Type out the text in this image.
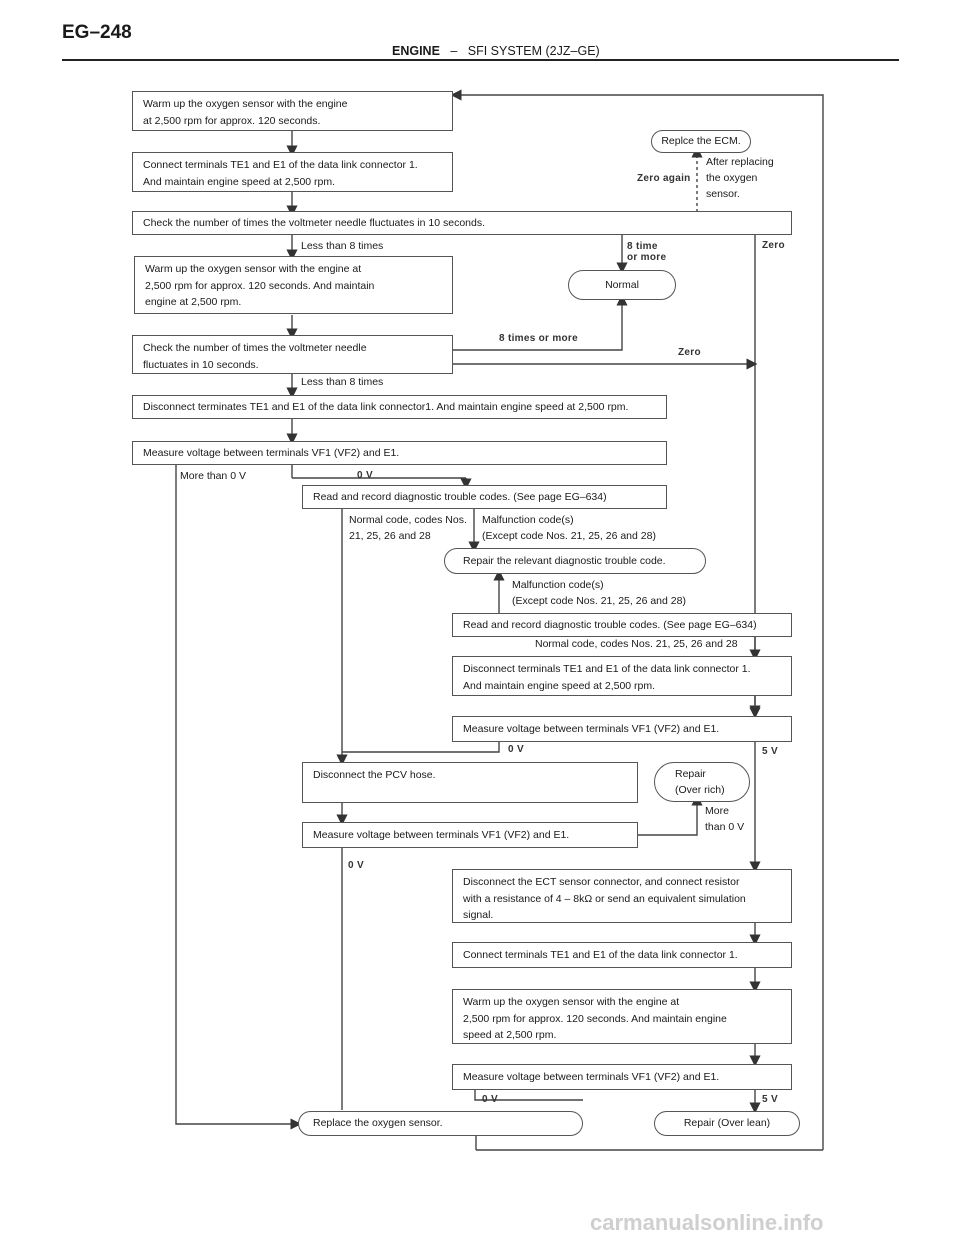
EG–248
ENGINE – SFI SYSTEM (2JZ–GE)
Warm up the oxygen sensor with the engine
at 2,500 rpm for approx. 120 seconds.
Replce the ECM.
After replacing
the oxygen
sensor.
Connect terminals TE1 and E1 of the data link connector 1.
And maintain engine speed at 2,500 rpm.	Zero again
Check the number of times the voltmeter needle fluctuates in 10 seconds.
Less than 8 times	8 time
or more
Zero
Warm up the oxygen sensor with the engine at
2,500 rpm for approx. 120 seconds. And maintain
engine at 2,500 rpm.
Normal
Check the number of times the voltmeter needle
fluctuates in 10 seconds.
8 times or more
Zero
Less than 8 times
Disconnect terminates TE1 and E1 of the data link connector1. And maintain engine speed at 2,500 rpm.
Measure voltage between terminals VF1 (VF2) and E1.
More than 0 V	0 V
Read and record diagnostic trouble codes. (See page EG–634)
Normal code, codes Nos.
21, 25, 26 and 28
Malfunction code(s)
(Except code Nos. 21, 25, 26 and 28)
Repair the relevant diagnostic trouble code.
Malfunction code(s)
(Except code Nos. 21, 25, 26 and 28)
Read and record diagnostic trouble codes. (See page EG–634)
Normal code, codes Nos. 21, 25, 26 and 28
Disconnect terminals TE1 and E1 of the data link connector 1.
And maintain engine speed at 2,500 rpm.
Measure voltage between terminals VF1 (VF2) and E1.
0 V	5 V
Disconnect the PCV hose.	Repair
(Over rich)
More
than 0 V
Measure voltage between terminals VF1 (VF2) and E1.
0 V
Disconnect the ECT sensor connector, and connect resistor
with a resistance of 4 – 8kΩ or send an equivalent simulation
signal.
Connect terminals TE1 and E1 of the data link connector 1.
Warm up the oxygen sensor with the engine at
2,500 rpm for approx. 120 seconds. And maintain engine
speed at 2,500 rpm.
Measure voltage between terminals VF1 (VF2) and E1.
0 V	5 V
Replace the oxygen sensor.	Repair (Over lean)
carmanualsonline.info
